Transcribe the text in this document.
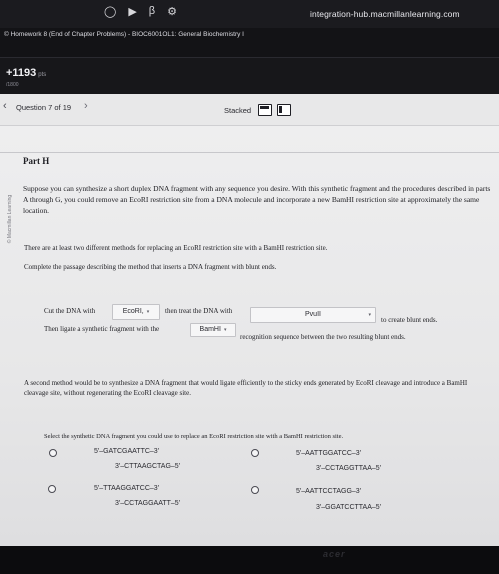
◯ ▶ β ⚙	integration-hub.macmillanlearning.com
© Homework 8 (End of Chapter Problems) - BIOC6001OL1: General Biochemistry I
+1193 pts
/1800
‹ Question 7 of 19 ›	Stacked
© Macmillan Learning
Part H
Suppose you can synthesize a short duplex DNA fragment with any sequence you desire. With this synthetic fragment and the procedures described in parts A through G, you could remove an EcoRI restriction site from a DNA molecule and incorporate a new BamHI restriction site at approximately the same location.
There are at least two different methods for replacing an EcoRI restriction site with a BamHI restriction site.
Complete the passage describing the method that inserts a DNA fragment with blunt ends.
Cut the DNA with	EcoRI, ▾	then treat the DNA with	PvuII	▾
to create blunt ends.
Then ligate a synthetic fragment with the	BamHI ▾
recognition sequence between the two resulting blunt ends.
A second method would be to synthesize a DNA fragment that would ligate efficiently to the sticky ends generated by EcoRI cleavage and introduce a BamHI cleavage site, without regenerating the EcoRI cleavage site.
Select the synthetic DNA fragment you could use to replace an EcoRI restriction site with a BamHI restriction site.
5′–GATCGAATTC–3′
3′–CTTAAGCTAG–5′
5′–AATTGGATCC–3′
3′–CCTAGGTTAA–5′
5′–TTAAGGATCC–3′
3′–CCTAGGAATT–5′
5′–AATTCCTAGG–3′
3′–GGATCCTTAA–5′
acer
